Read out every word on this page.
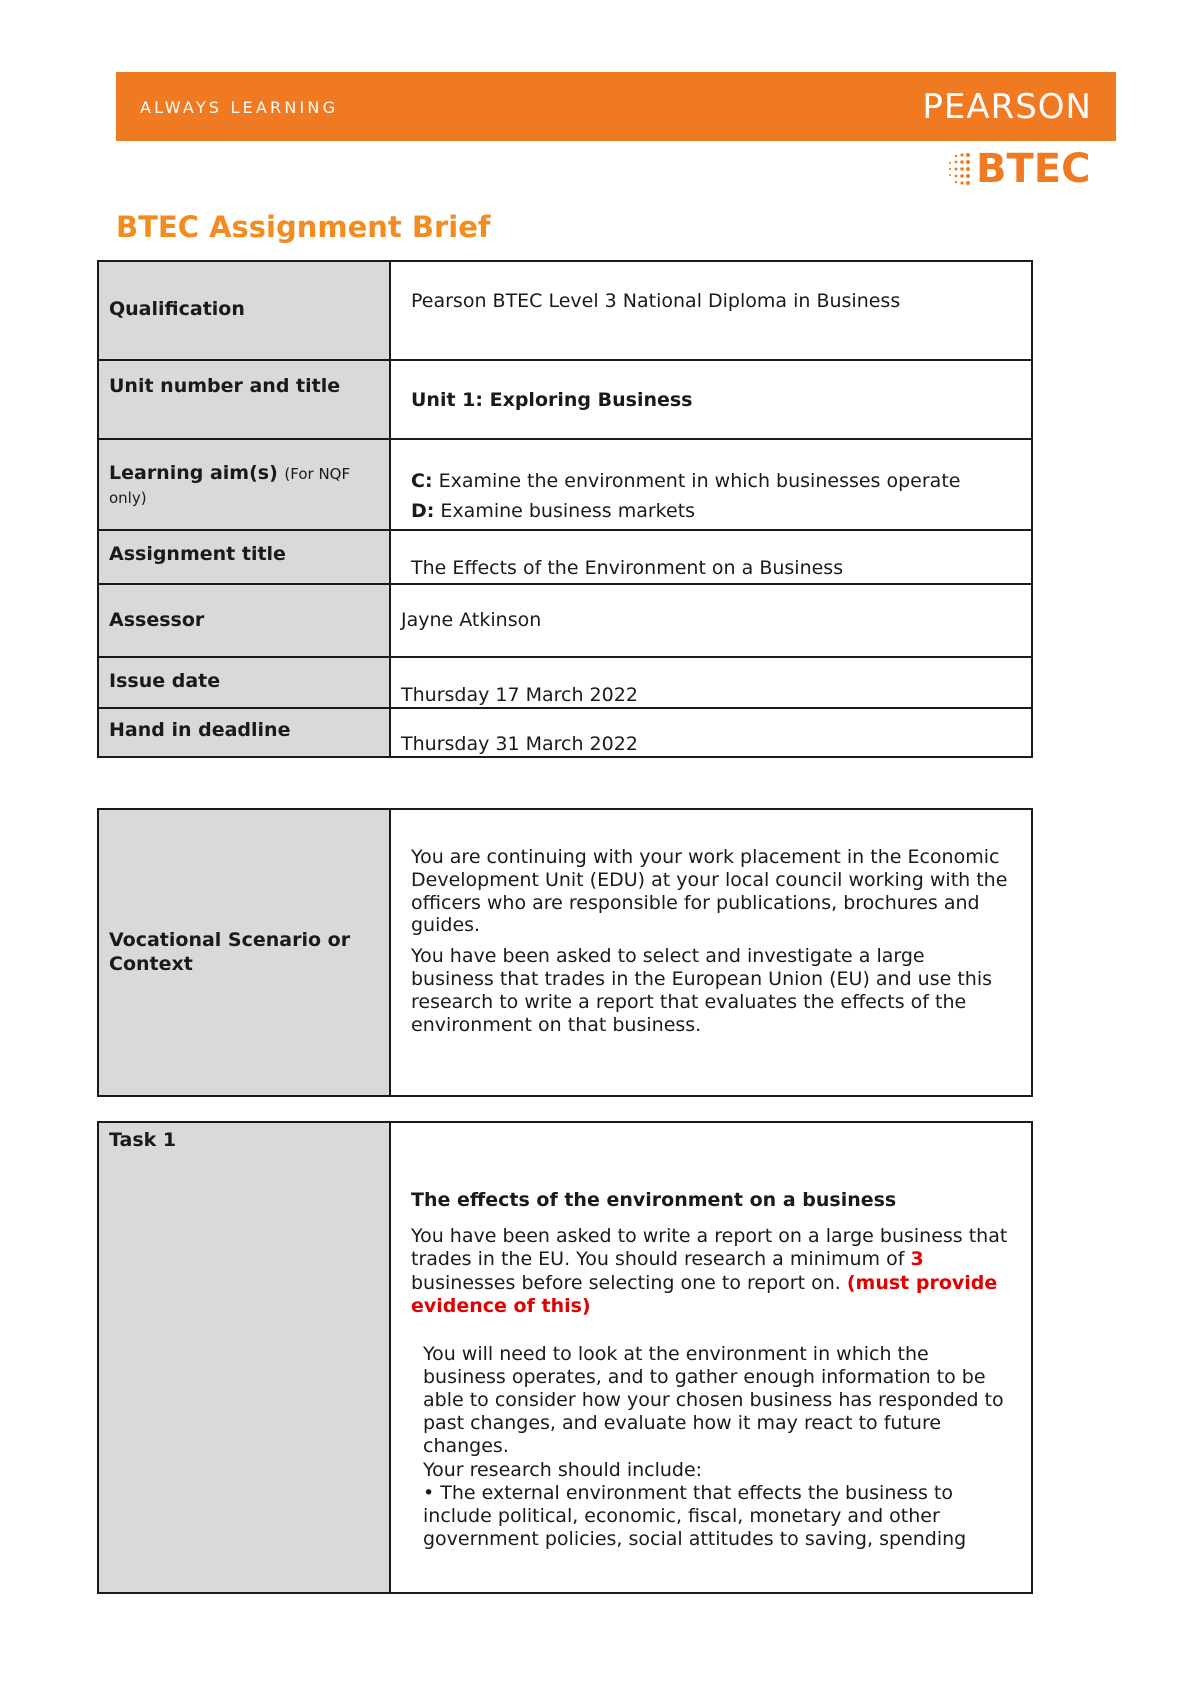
ALWAYS LEARNING	PEARSON
BTEC
BTEC Assignment Brief
Qualification	Pearson BTEC Level 3 National Diploma in Business

Unit number and title	Unit 1: Exploring Business

Learning aim(s) (For NQF only)	C: Examine the environment in which businesses operate

D: Examine business markets

Assignment title	The Effects of the Environment on a Business

Assessor	Jayne Atkinson

Issue date	Thursday 17 March 2022

Hand in deadline	Thursday 31 March 2022
Vocational Scenario or Context

You are continuing with your work placement in the Economic Development Unit (EDU) at your local council working with the officers who are responsible for publications, brochures and guides.

You have been asked to select and investigate a large business that trades in the European Union (EU) and use this research to write a report that evaluates the effects of the environment on that business.

Task 1

The effects of the environment on a business

You have been asked to write a report on a large business that trades in the EU. You should research a minimum of 3 businesses before selecting one to report on. (must provide evidence of this)

You will need to look at the environment in which the business operates, and to gather enough information to be able to consider how your chosen business has responded to past changes, and evaluate how it may react to future changes.

Your research should include:

• The external environment that effects the business to include political, economic, fiscal, monetary and other government policies, social attitudes to saving, spending
